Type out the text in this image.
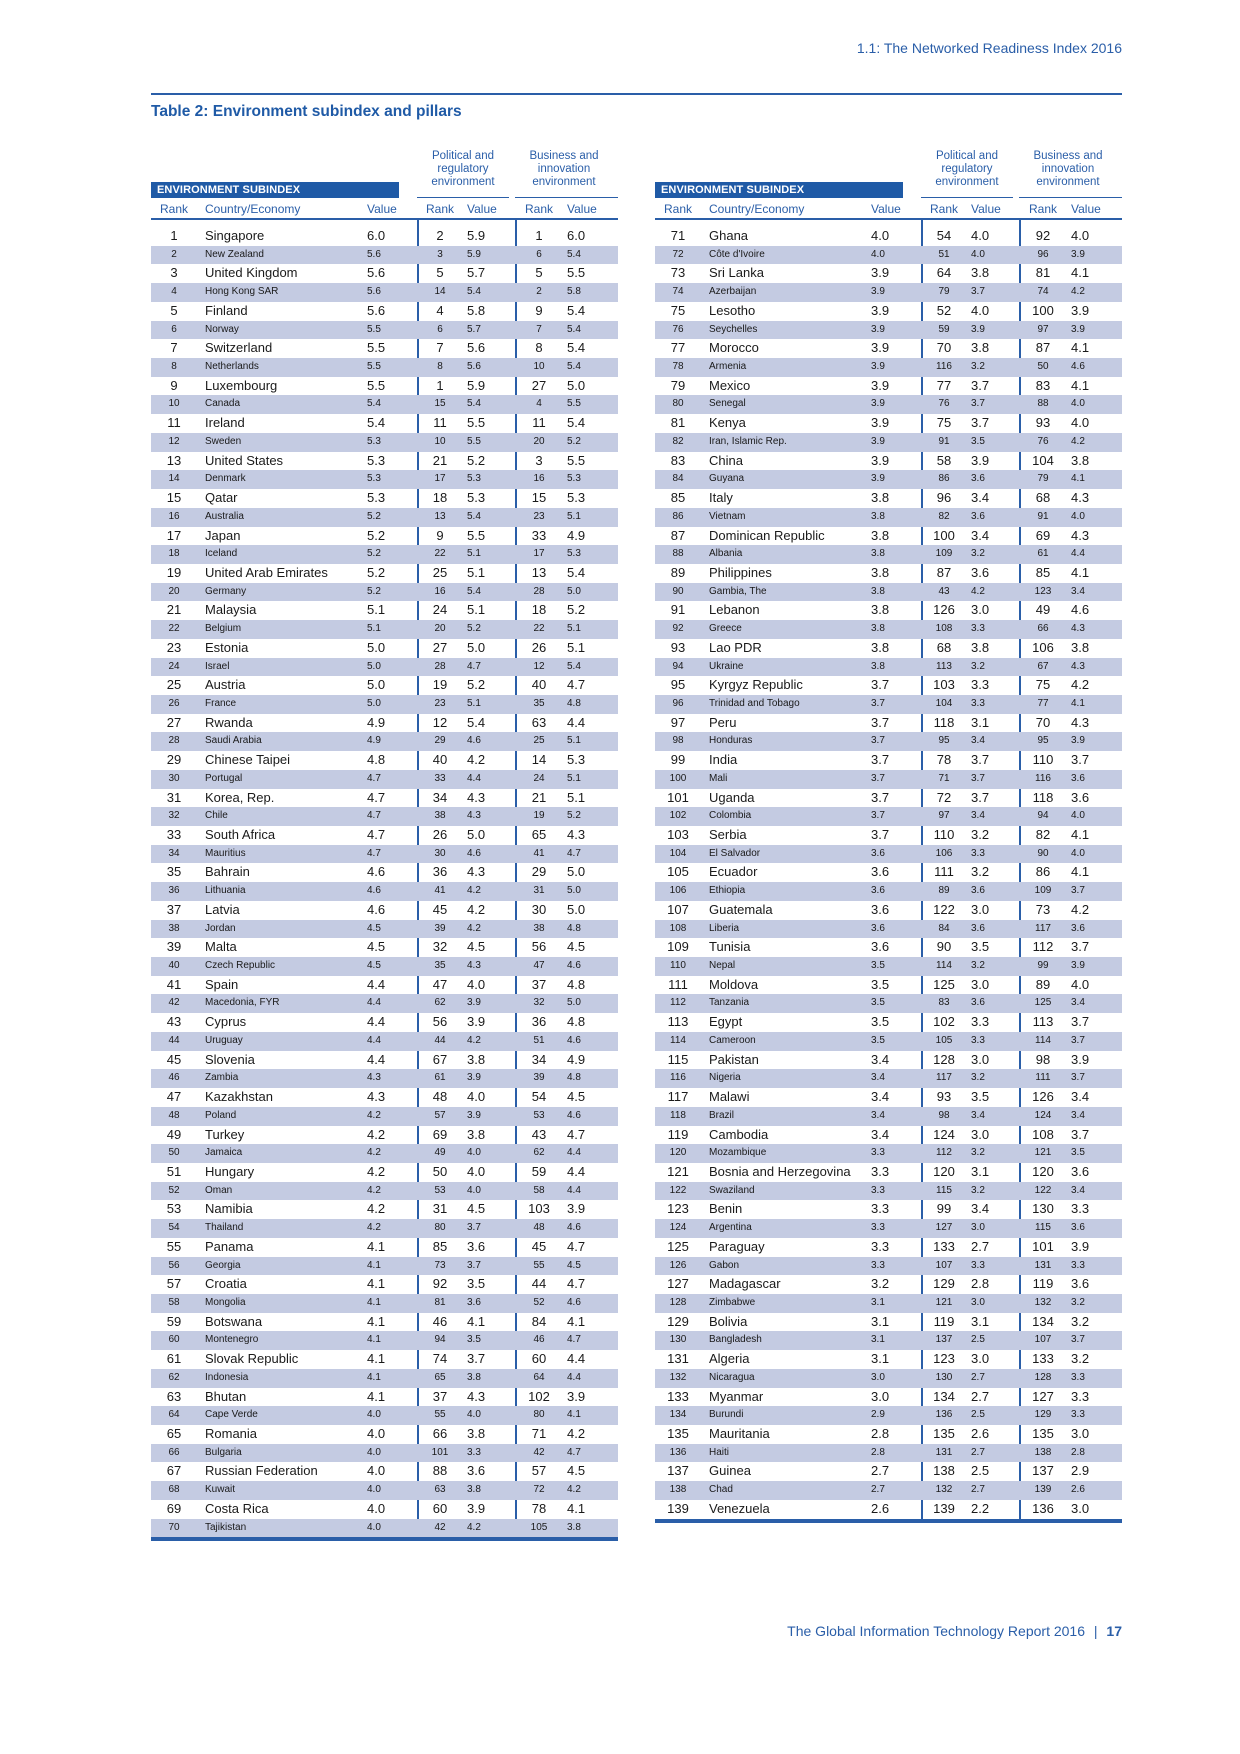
1.1: The Networked Readiness Index 2016
Table 2: Environment subindex and pillars
Political and
regulatory
environment
Business and
innovation
environment
ENVIRONMENT SUBINDEX
Rank	Country/Economy	Value	Rank	Value	Rank	Value
1	Singapore	6.0	2	5.9	1	6.0
2	New Zealand	5.6	3	5.9	6	5.4
3	United Kingdom	5.6	5	5.7	5	5.5
4	Hong Kong SAR	5.6	14	5.4	2	5.8
5	Finland	5.6	4	5.8	9	5.4
6	Norway	5.5	6	5.7	7	5.4
7	Switzerland	5.5	7	5.6	8	5.4
8	Netherlands	5.5	8	5.6	10	5.4
9	Luxembourg	5.5	1	5.9	27	5.0
10	Canada	5.4	15	5.4	4	5.5
11	Ireland	5.4	11	5.5	11	5.4
12	Sweden	5.3	10	5.5	20	5.2
13	United States	5.3	21	5.2	3	5.5
14	Denmark	5.3	17	5.3	16	5.3
15	Qatar	5.3	18	5.3	15	5.3
16	Australia	5.2	13	5.4	23	5.1
17	Japan	5.2	9	5.5	33	4.9
18	Iceland	5.2	22	5.1	17	5.3
19	United Arab Emirates	5.2	25	5.1	13	5.4
20	Germany	5.2	16	5.4	28	5.0
21	Malaysia	5.1	24	5.1	18	5.2
22	Belgium	5.1	20	5.2	22	5.1
23	Estonia	5.0	27	5.0	26	5.1
24	Israel	5.0	28	4.7	12	5.4
25	Austria	5.0	19	5.2	40	4.7
26	France	5.0	23	5.1	35	4.8
27	Rwanda	4.9	12	5.4	63	4.4
28	Saudi Arabia	4.9	29	4.6	25	5.1
29	Chinese Taipei	4.8	40	4.2	14	5.3
30	Portugal	4.7	33	4.4	24	5.1
31	Korea, Rep.	4.7	34	4.3	21	5.1
32	Chile	4.7	38	4.3	19	5.2
33	South Africa	4.7	26	5.0	65	4.3
34	Mauritius	4.7	30	4.6	41	4.7
35	Bahrain	4.6	36	4.3	29	5.0
36	Lithuania	4.6	41	4.2	31	5.0
37	Latvia	4.6	45	4.2	30	5.0
38	Jordan	4.5	39	4.2	38	4.8
39	Malta	4.5	32	4.5	56	4.5
40	Czech Republic	4.5	35	4.3	47	4.6
41	Spain	4.4	47	4.0	37	4.8
42	Macedonia, FYR	4.4	62	3.9	32	5.0
43	Cyprus	4.4	56	3.9	36	4.8
44	Uruguay	4.4	44	4.2	51	4.6
45	Slovenia	4.4	67	3.8	34	4.9
46	Zambia	4.3	61	3.9	39	4.8
47	Kazakhstan	4.3	48	4.0	54	4.5
48	Poland	4.2	57	3.9	53	4.6
49	Turkey	4.2	69	3.8	43	4.7
50	Jamaica	4.2	49	4.0	62	4.4
51	Hungary	4.2	50	4.0	59	4.4
52	Oman	4.2	53	4.0	58	4.4
53	Namibia	4.2	31	4.5	103	3.9
54	Thailand	4.2	80	3.7	48	4.6
55	Panama	4.1	85	3.6	45	4.7
56	Georgia	4.1	73	3.7	55	4.5
57	Croatia	4.1	92	3.5	44	4.7
58	Mongolia	4.1	81	3.6	52	4.6
59	Botswana	4.1	46	4.1	84	4.1
60	Montenegro	4.1	94	3.5	46	4.7
61	Slovak Republic	4.1	74	3.7	60	4.4
62	Indonesia	4.1	65	3.8	64	4.4
63	Bhutan	4.1	37	4.3	102	3.9
64	Cape Verde	4.0	55	4.0	80	4.1
65	Romania	4.0	66	3.8	71	4.2
66	Bulgaria	4.0	101	3.3	42	4.7
67	Russian Federation	4.0	88	3.6	57	4.5
68	Kuwait	4.0	63	3.8	72	4.2
69	Costa Rica	4.0	60	3.9	78	4.1
70	Tajikistan	4.0	42	4.2	105	3.8
Political and
regulatory
environment
Business and
innovation
environment
ENVIRONMENT SUBINDEX
Rank	Country/Economy	Value	Rank	Value	Rank	Value
71	Ghana	4.0	54	4.0	92	4.0
72	Côte d'Ivoire	4.0	51	4.0	96	3.9
73	Sri Lanka	3.9	64	3.8	81	4.1
74	Azerbaijan	3.9	79	3.7	74	4.2
75	Lesotho	3.9	52	4.0	100	3.9
76	Seychelles	3.9	59	3.9	97	3.9
77	Morocco	3.9	70	3.8	87	4.1
78	Armenia	3.9	116	3.2	50	4.6
79	Mexico	3.9	77	3.7	83	4.1
80	Senegal	3.9	76	3.7	88	4.0
81	Kenya	3.9	75	3.7	93	4.0
82	Iran, Islamic Rep.	3.9	91	3.5	76	4.2
83	China	3.9	58	3.9	104	3.8
84	Guyana	3.9	86	3.6	79	4.1
85	Italy	3.8	96	3.4	68	4.3
86	Vietnam	3.8	82	3.6	91	4.0
87	Dominican Republic	3.8	100	3.4	69	4.3
88	Albania	3.8	109	3.2	61	4.4
89	Philippines	3.8	87	3.6	85	4.1
90	Gambia, The	3.8	43	4.2	123	3.4
91	Lebanon	3.8	126	3.0	49	4.6
92	Greece	3.8	108	3.3	66	4.3
93	Lao PDR	3.8	68	3.8	106	3.8
94	Ukraine	3.8	113	3.2	67	4.3
95	Kyrgyz Republic	3.7	103	3.3	75	4.2
96	Trinidad and Tobago	3.7	104	3.3	77	4.1
97	Peru	3.7	118	3.1	70	4.3
98	Honduras	3.7	95	3.4	95	3.9
99	India	3.7	78	3.7	110	3.7
100	Mali	3.7	71	3.7	116	3.6
101	Uganda	3.7	72	3.7	118	3.6
102	Colombia	3.7	97	3.4	94	4.0
103	Serbia	3.7	110	3.2	82	4.1
104	El Salvador	3.6	106	3.3	90	4.0
105	Ecuador	3.6	111	3.2	86	4.1
106	Ethiopia	3.6	89	3.6	109	3.7
107	Guatemala	3.6	122	3.0	73	4.2
108	Liberia	3.6	84	3.6	117	3.6
109	Tunisia	3.6	90	3.5	112	3.7
110	Nepal	3.5	114	3.2	99	3.9
111	Moldova	3.5	125	3.0	89	4.0
112	Tanzania	3.5	83	3.6	125	3.4
113	Egypt	3.5	102	3.3	113	3.7
114	Cameroon	3.5	105	3.3	114	3.7
115	Pakistan	3.4	128	3.0	98	3.9
116	Nigeria	3.4	117	3.2	111	3.7
117	Malawi	3.4	93	3.5	126	3.4
118	Brazil	3.4	98	3.4	124	3.4
119	Cambodia	3.4	124	3.0	108	3.7
120	Mozambique	3.3	112	3.2	121	3.5
121	Bosnia and Herzegovina 3.3	120	3.1	120	3.6
122	Swaziland	3.3	115	3.2	122	3.4
123	Benin	3.3	99	3.4	130	3.3
124	Argentina	3.3	127	3.0	115	3.6
125	Paraguay	3.3	133	2.7	101	3.9
126	Gabon	3.3	107	3.3	131	3.3
127	Madagascar	3.2	129	2.8	119	3.6
128	Zimbabwe	3.1	121	3.0	132	3.2
129	Bolivia	3.1	119	3.1	134	3.2
130	Bangladesh	3.1	137	2.5	107	3.7
131	Algeria	3.1	123	3.0	133	3.2
132	Nicaragua	3.0	130	2.7	128	3.3
133	Myanmar	3.0	134	2.7	127	3.3
134	Burundi	2.9	136	2.5	129	3.3
135	Mauritania	2.8	135	2.6	135	3.0
136	Haiti	2.8	131	2.7	138	2.8
137	Guinea	2.7	138	2.5	137	2.9
138	Chad	2.7	132	2.7	139	2.6
139	Venezuela	2.6	139	2.2	136	3.0
The Global Information Technology Report 2016 | 17
